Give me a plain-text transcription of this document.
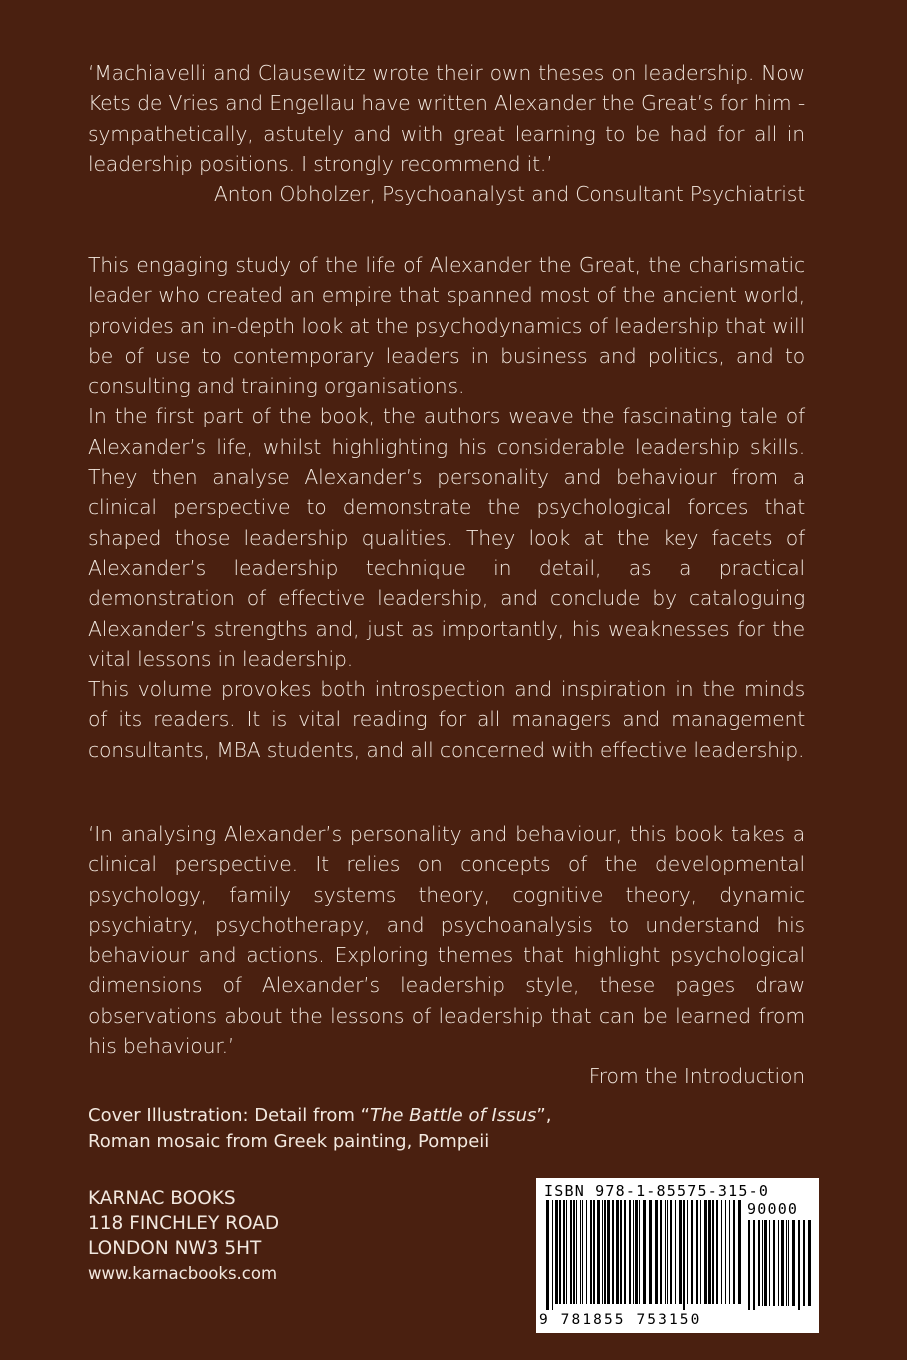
‘Machiavelli and Clausewitz wrote their own theses on leadership. Now Kets de Vries and Engellau have written Alexander the Great’s for him - sympathetically, astutely and with great learning to be had for all in leadership positions. I strongly recommend it.’

Anton Obholzer, Psychoanalyst and Consultant Psychiatrist

This engaging study of the life of Alexander the Great, the charismatic leader who created an empire that spanned most of the ancient world, provides an in-depth look at the psychodynamics of leadership that will be of use to contemporary leaders in business and politics, and to consulting and training organisations.

In the first part of the book, the authors weave the fascinating tale of Alexander’s life, whilst highlighting his considerable leadership skills. They then analyse Alexander’s personality and behaviour from a clinical perspective to demonstrate the psychological forces that shaped those leadership qualities. They look at the key facets of Alexander’s leadership technique in detail, as a practical demonstration of effective leadership, and conclude by cataloguing Alexander’s strengths and, just as importantly, his weaknesses for the vital lessons in leadership.

This volume provokes both introspection and inspiration in the minds of its readers. It is vital reading for all managers and management consultants, MBA students, and all concerned with effective leadership.

‘In analysing Alexander’s personality and behaviour, this book takes a clinical perspective. It relies on concepts of the developmental psychology, family systems theory, cognitive theory, dynamic psychiatry, psychotherapy, and psychoanalysis to understand his behaviour and actions. Exploring themes that highlight psychological dimensions of Alexander’s leadership style, these pages draw observations about the lessons of leadership that can be learned from his behaviour.’

From the Introduction

Cover Illustration: Detail from “The Battle of Issus”,
Roman mosaic from Greek painting, Pompeii
KARNAC BOOKS
118 FINCHLEY ROAD
LONDON NW3 5HT
www.karnacbooks.com
ISBN 978-1-85575-315-0
90000
9 781855 753150
